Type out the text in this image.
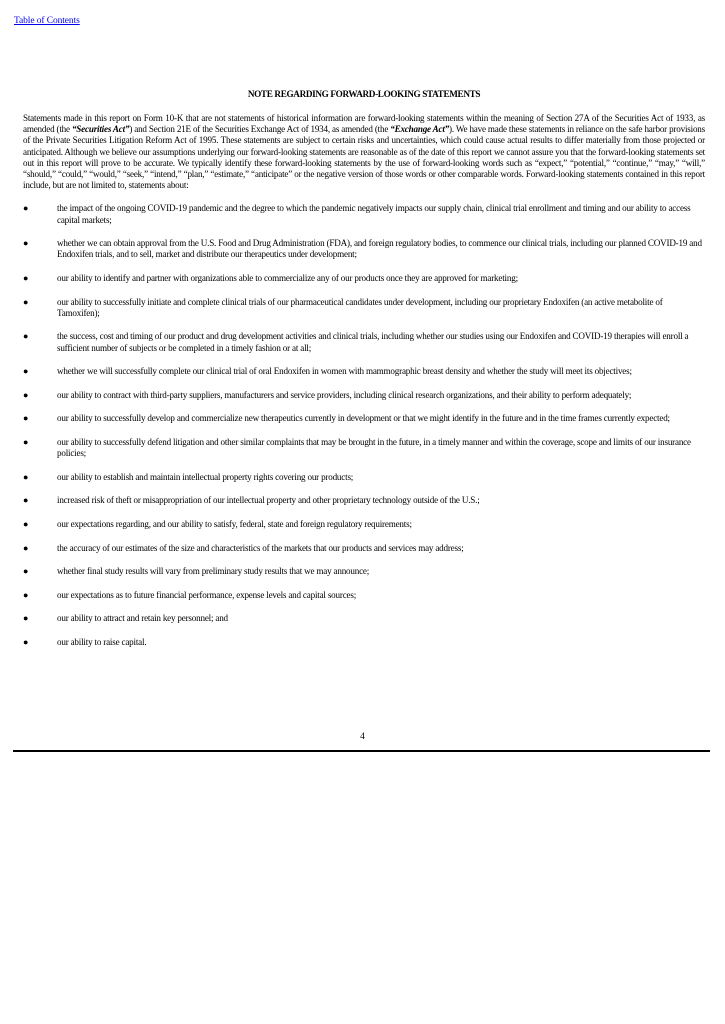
Table of Contents
NOTE REGARDING FORWARD-LOOKING STATEMENTS

Statements made in this report on Form 10-K that are not statements of historical information are forward-looking statements within the meaning of Section 27A of the Securities Act of 1933, as amended (the “Securities Act”) and Section 21E of the Securities Exchange Act of 1934, as amended (the “Exchange Act”). We have made these statements in reliance on the safe harbor provisions of the Private Securities Litigation Reform Act of 1995. These statements are subject to certain risks and uncertainties, which could cause actual results to differ materially from those projected or anticipated. Although we believe our assumptions underlying our forward-looking statements are reasonable as of the date of this report we cannot assure you that the forward-looking statements set out in this report will prove to be accurate. We typically identify these forward-looking statements by the use of forward-looking words such as “expect,” “potential,” “continue,” “may,” “will,” “should,” “could,” “would,” “seek,” “intend,” “plan,” “estimate,” “anticipate” or the negative version of those words or other comparable words. Forward-looking statements contained in this report include, but are not limited to, statements about:

●	the impact of the ongoing COVID-19 pandemic and the degree to which the pandemic negatively impacts our supply chain, clinical trial enrollment and timing and our ability to access capital markets;
●	whether we can obtain approval from the U.S. Food and Drug Administration (FDA), and foreign regulatory bodies, to commence our clinical trials, including our planned COVID-19 and Endoxifen trials, and to sell, market and distribute our therapeutics under development;
●	our ability to identify and partner with organizations able to commercialize any of our products once they are approved for marketing;
●	our ability to successfully initiate and complete clinical trials of our pharmaceutical candidates under development, including our proprietary Endoxifen (an active metabolite of Tamoxifen);
●	the success, cost and timing of our product and drug development activities and clinical trials, including whether our studies using our Endoxifen and COVID-19 therapies will enroll a sufficient number of subjects or be completed in a timely fashion or at all;
●	whether we will successfully complete our clinical trial of oral Endoxifen in women with mammographic breast density and whether the study will meet its objectives;
●	our ability to contract with third-party suppliers, manufacturers and service providers, including clinical research organizations, and their ability to perform adequately;
●	our ability to successfully develop and commercialize new therapeutics currently in development or that we might identify in the future and in the time frames currently expected;
●	our ability to successfully defend litigation and other similar complaints that may be brought in the future, in a timely manner and within the coverage, scope and limits of our insurance policies;
●	our ability to establish and maintain intellectual property rights covering our products;
●	increased risk of theft or misappropriation of our intellectual property and other proprietary technology outside of the U.S.;
●	our expectations regarding, and our ability to satisfy, federal, state and foreign regulatory requirements;
●	the accuracy of our estimates of the size and characteristics of the markets that our products and services may address;
●	whether final study results will vary from preliminary study results that we may announce;
●	our expectations as to future financial performance, expense levels and capital sources;
●	our ability to attract and retain key personnel; and
●	our ability to raise capital.
4
